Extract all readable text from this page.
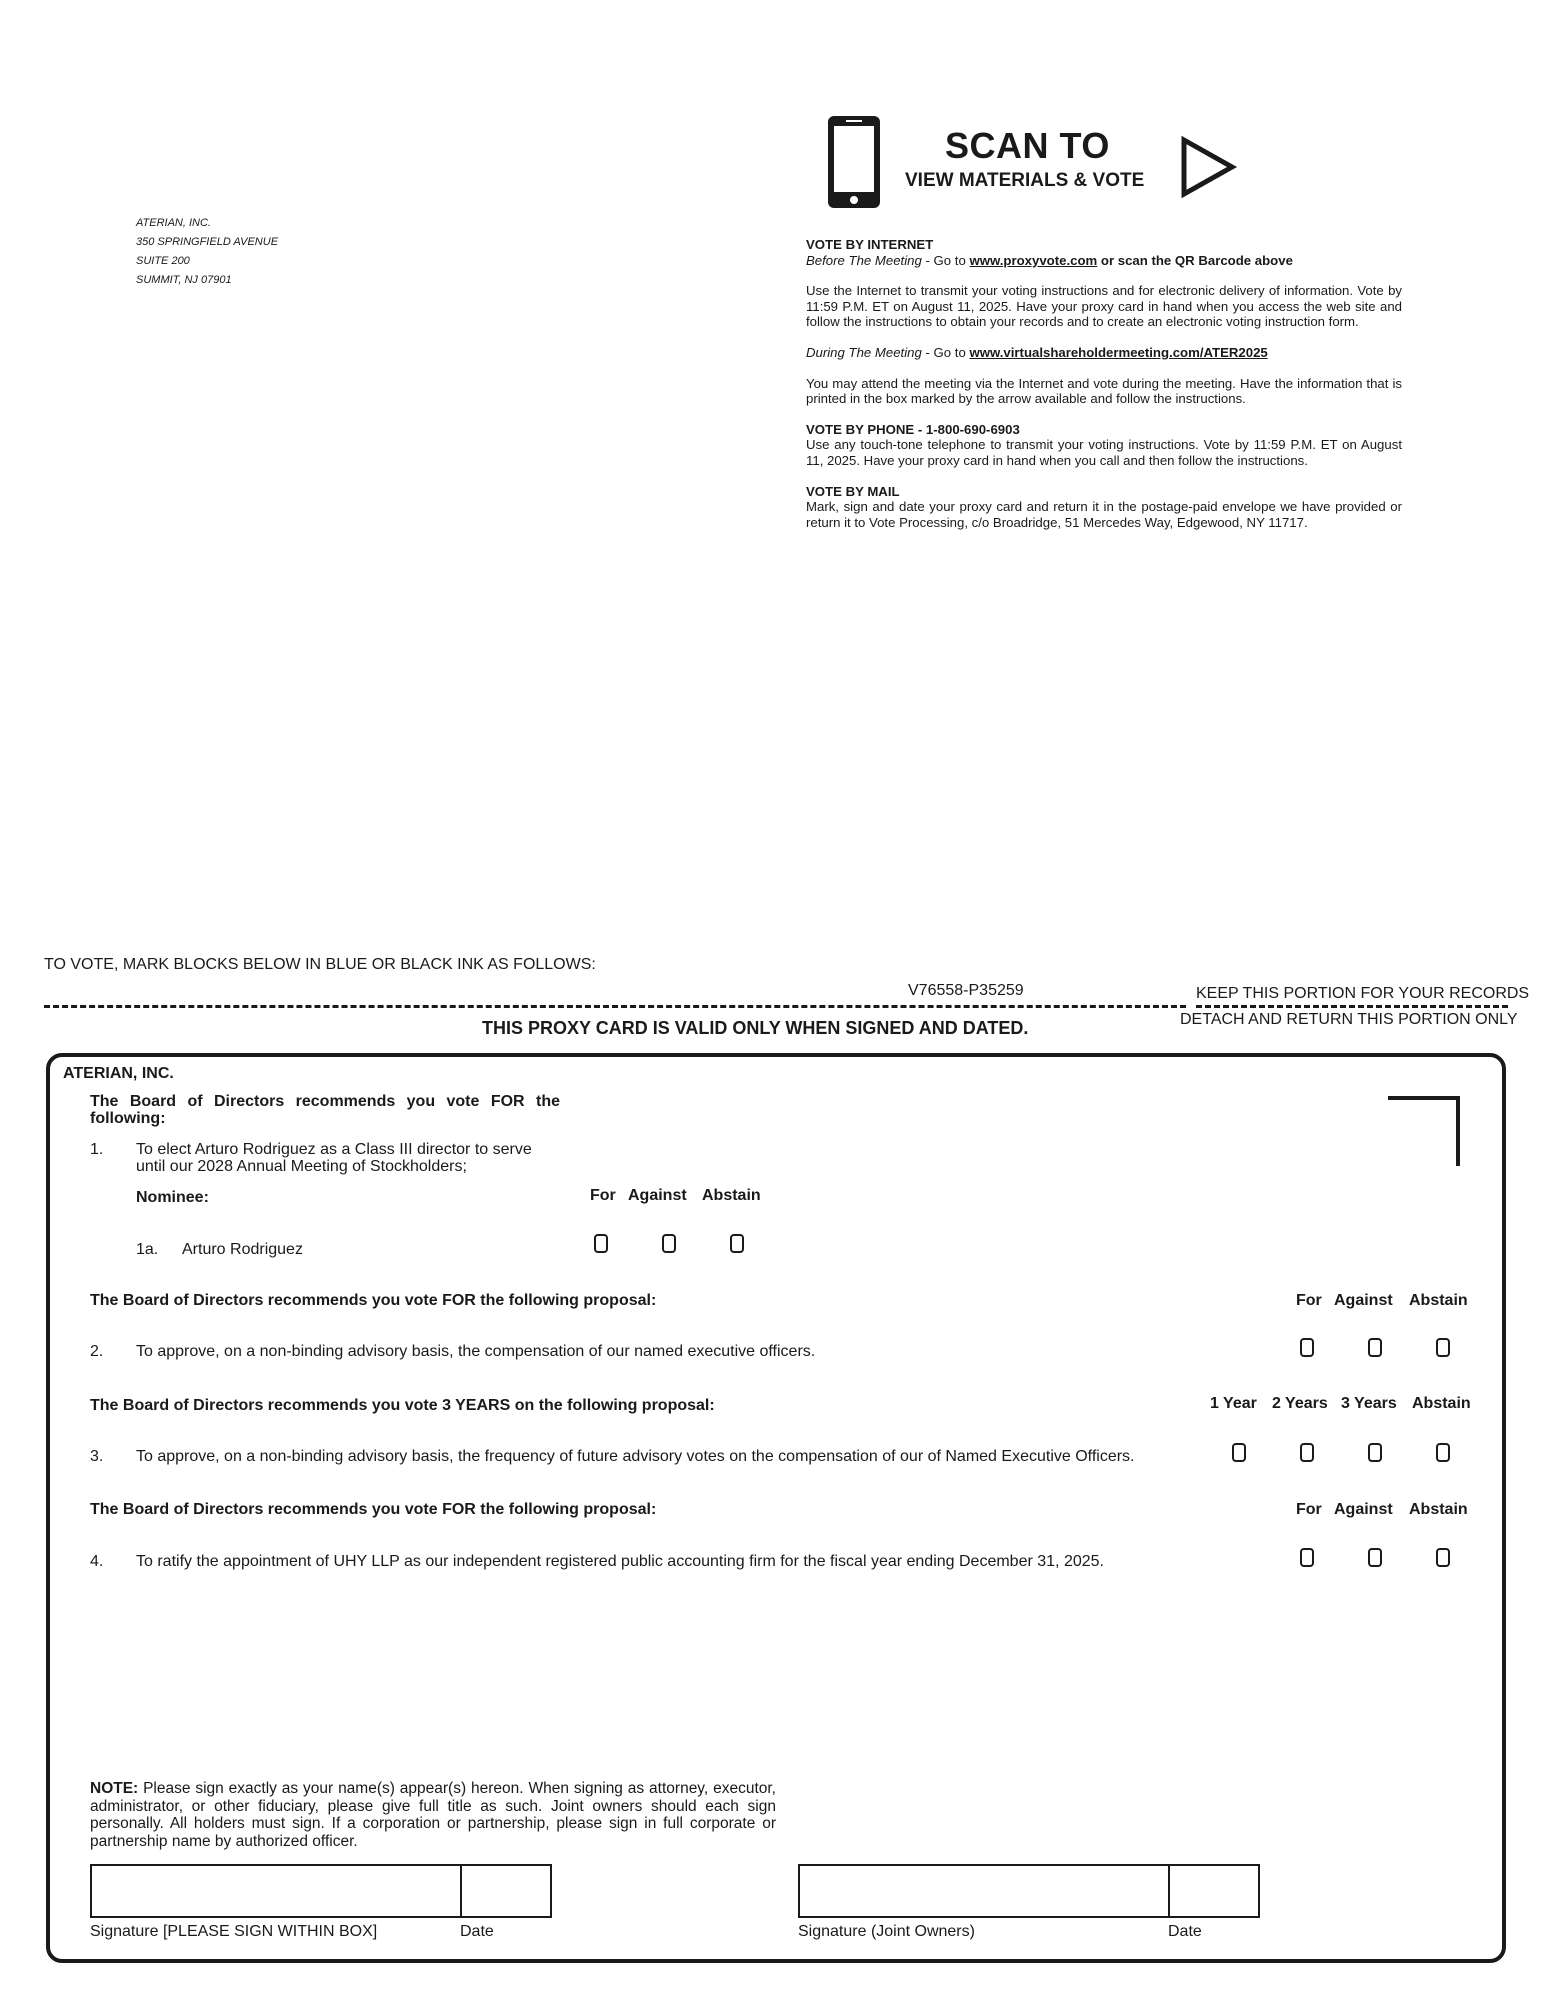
ATERIAN, INC.
350 SPRINGFIELD AVENUE
SUITE 200
SUMMIT, NJ 07901
SCAN TO
VIEW MATERIALS & VOTE

VOTE BY INTERNET

Before The Meeting - Go to www.proxyvote.com or scan the QR Barcode above

Use the Internet to transmit your voting instructions and for electronic delivery of information. Vote by 11:59 P.M. ET on August 11, 2025. Have your proxy card in hand when you access the web site and follow the instructions to obtain your records and to create an electronic voting instruction form.

During The Meeting - Go to www.virtualshareholdermeeting.com/ATER2025

You may attend the meeting via the Internet and vote during the meeting. Have the information that is printed in the box marked by the arrow available and follow the instructions.

VOTE BY PHONE - 1-800-690-6903

Use any touch-tone telephone to transmit your voting instructions. Vote by 11:59 P.M. ET on August 11, 2025. Have your proxy card in hand when you call and then follow the instructions.

VOTE BY MAIL

Mark, sign and date your proxy card and return it in the postage-paid envelope we have provided or return it to Vote Processing, c/o Broadridge, 51 Mercedes Way, Edgewood, NY 11717.

TO VOTE, MARK BLOCKS BELOW IN BLUE OR BLACK INK AS FOLLOWS:
V76558-P35259	KEEP THIS PORTION FOR YOUR RECORDS
DETACH AND RETURN THIS PORTION ONLY
THIS PROXY CARD IS VALID ONLY WHEN SIGNED AND DATED.
ATERIAN, INC.
The Board of Directors recommends you vote FOR the
following:
1. To elect Arturo Rodriguez as a Class III director to serve
until our 2028 Annual Meeting of Stockholders;
Nominee:	For Against Abstain
1a. Arturo Rodriguez
The Board of Directors recommends you vote FOR the following proposal:	For Against Abstain
2. To approve, on a non-binding advisory basis, the compensation of our named executive officers.
The Board of Directors recommends you vote 3 YEARS on the following proposal:	1 Year 2 Years 3 Years Abstain
3. To approve, on a non-binding advisory basis, the frequency of future advisory votes on the compensation of our of Named Executive Officers.
The Board of Directors recommends you vote FOR the following proposal:	For Against Abstain
4. To ratify the appointment of UHY LLP as our independent registered public accounting firm for the fiscal year ending December 31, 2025.
NOTE: Please sign exactly as your name(s) appear(s) hereon. When signing as attorney, executor, administrator, or other fiduciary, please give full title as such. Joint owners should each sign personally. All holders must sign. If a corporation or partnership, please sign in full corporate or partnership name by authorized officer.
Signature [PLEASE SIGN WITHIN BOX]	Date	Signature (Joint Owners)	Date
